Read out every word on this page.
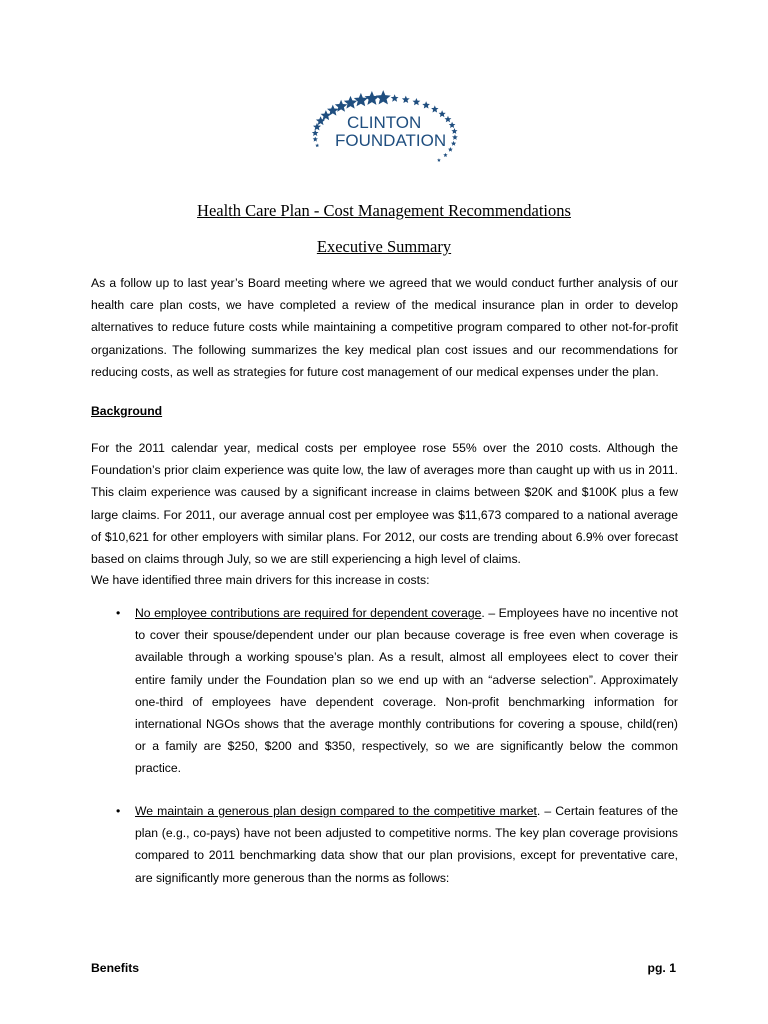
CLINTON
FOUNDATION
Health Care Plan - Cost Management Recommendations
Executive Summary

As a follow up to last year’s Board meeting where we agreed that we would conduct further analysis of our health care plan costs, we have completed a review of the medical insurance plan in order to develop alternatives to reduce future costs while maintaining a competitive program compared to other not-for-profit organizations. The following summarizes the key medical plan cost issues and our recommendations for reducing costs, as well as strategies for future cost management of our medical expenses under the plan.

Background

For the 2011 calendar year, medical costs per employee rose 55% over the 2010 costs. Although the Foundation’s prior claim experience was quite low, the law of averages more than caught up with us in 2011. This claim experience was caused by a significant increase in claims between $20K and $100K plus a few large claims. For 2011, our average annual cost per employee was $11,673 compared to a national average of $10,621 for other employers with similar plans. For 2012, our costs are trending about 6.9% over forecast based on claims through July, so we are still experiencing a high level of claims.

We have identified three main drivers for this increase in costs:

• No employee contributions are required for dependent coverage. – Employees have no incentive not to cover their spouse/dependent under our plan because coverage is free even when coverage is available through a working spouse’s plan. As a result, almost all employees elect to cover their entire family under the Foundation plan so we end up with an “adverse selection”. Approximately one-third of employees have dependent coverage. Non-profit benchmarking information for international NGOs shows that the average monthly contributions for covering a spouse, child(ren) or a family are $250, $200 and $350, respectively, so we are significantly below the common practice.

• We maintain a generous plan design compared to the competitive market. – Certain features of the plan (e.g., co-pays) have not been adjusted to competitive norms. The key plan coverage provisions compared to 2011 benchmarking data show that our plan provisions, except for preventative care, are significantly more generous than the norms as follows:

Benefits	pg. 1
